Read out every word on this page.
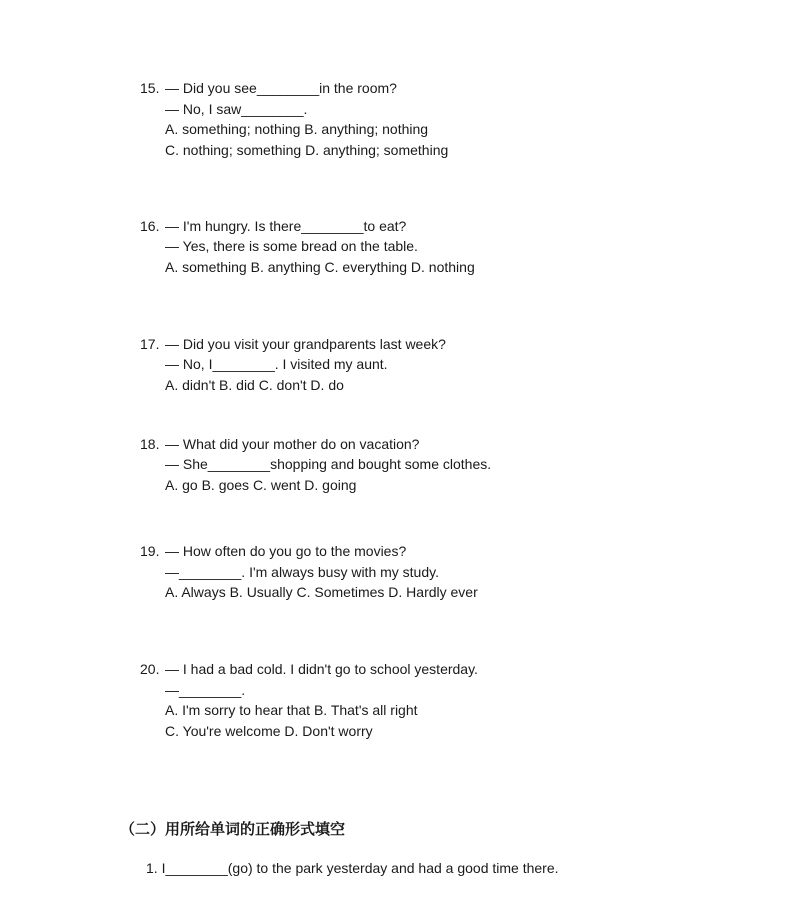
15. — Did you see________in the room?
— No, I saw________.
A. something; nothing B. anything; nothing
C. nothing; something D. anything; something
16. — I'm hungry. Is there________to eat?
— Yes, there is some bread on the table.
A. something B. anything C. everything D. nothing
17. — Did you visit your grandparents last week?
— No, I________. I visited my aunt.
A. didn't B. did C. don't D. do
18. — What did your mother do on vacation?
— She________shopping and bought some clothes.
A. go B. goes C. went D. going
19. — How often do you go to the movies?
—________. I'm always busy with my study.
A. Always B. Usually C. Sometimes D. Hardly ever
20. — I had a bad cold. I didn't go to school yesterday.
—________.
A. I'm sorry to hear that B. That's all right
C. You're welcome D. Don't worry
（二）用所给单词的正确形式填空
1. I________(go) to the park yesterday and had a good time there.
